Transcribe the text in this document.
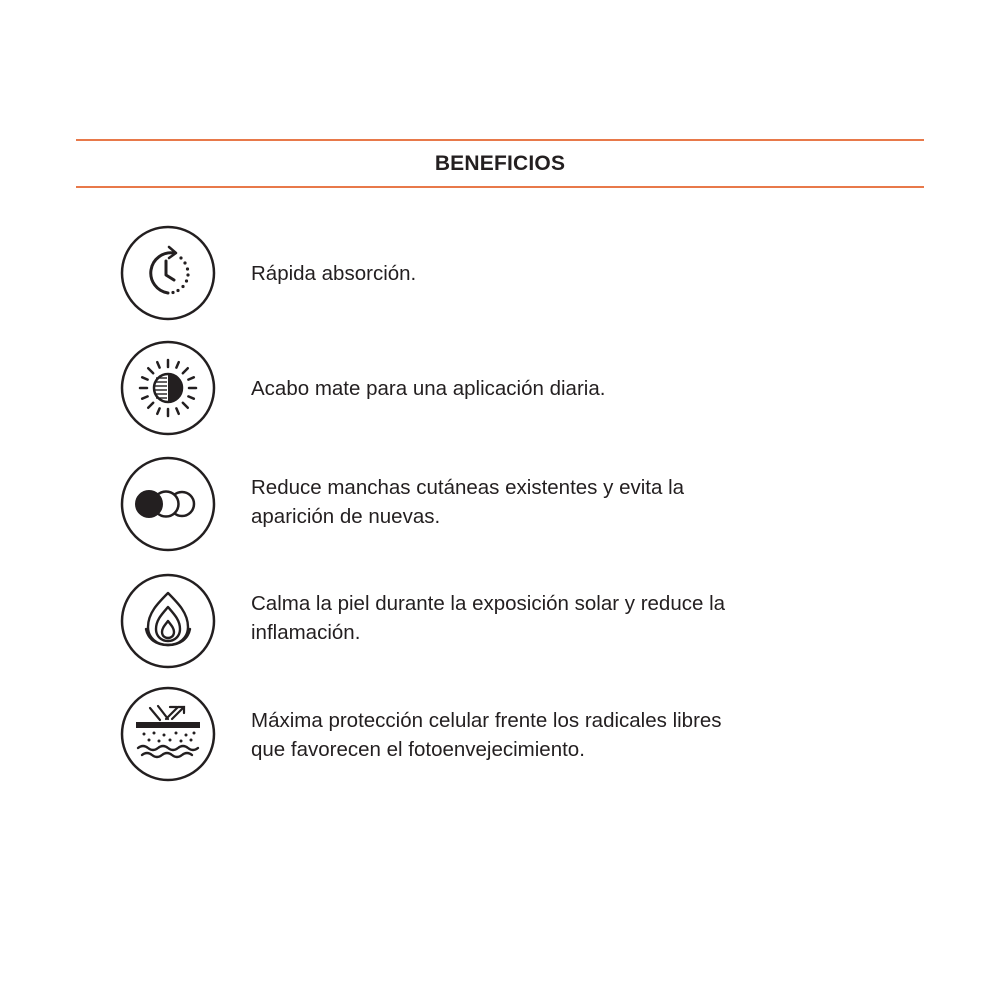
BENEFICIOS
Rápida absorción.
Acabo mate para una aplicación diaria.
Reduce manchas cutáneas existentes y evita la
aparición de nuevas.
Calma la piel durante la exposición solar y reduce la
inflamación.
Máxima protección celular frente los radicales libres
que favorecen el fotoenvejecimiento.
